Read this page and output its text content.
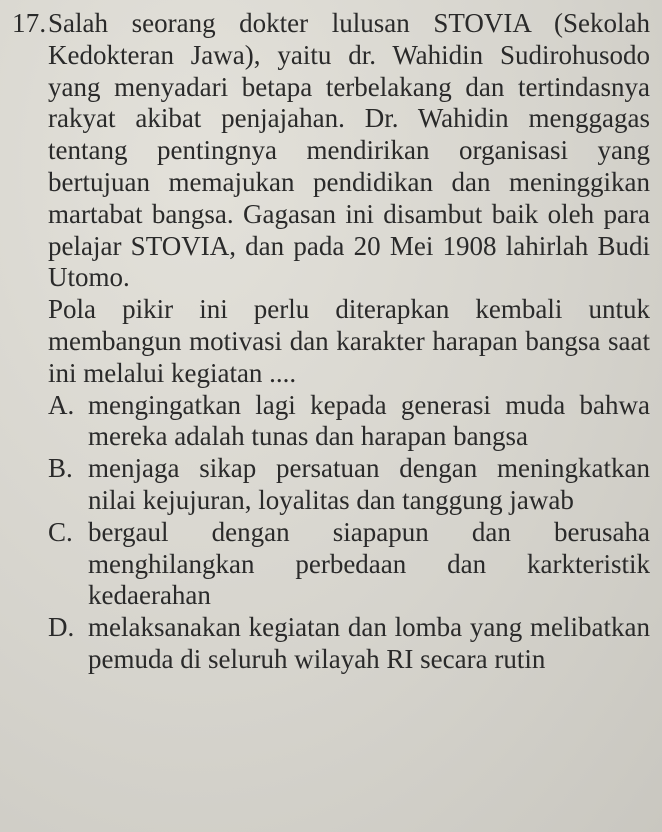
17. Salah seorang dokter lulusan STOVIA (Sekolah Kedokteran Jawa), yaitu dr. Wahidin Sudirohusodo yang menyadari betapa terbelakang dan tertindasnya rakyat akibat penjajahan. Dr. Wahidin menggagas tentang pentingnya mendirikan organisasi yang bertujuan memajukan pendidikan dan meninggikan martabat bangsa. Gagasan ini disambut baik oleh para pelajar STOVIA, dan pada 20 Mei 1908 lahirlah Budi Utomo.

Pola pikir ini perlu diterapkan kembali untuk membangun motivasi dan karakter harapan bangsa saat ini melalui kegiatan ....

A. mengingatkan lagi kepada generasi muda bahwa mereka adalah tunas dan harapan bangsa
B. menjaga sikap persatuan dengan meningkatkan nilai kejujuran, loyalitas dan tanggung jawab
C. bergaul dengan siapapun dan berusaha menghilangkan perbedaan dan karkteristik kedaerahan
D. melaksanakan kegiatan dan lomba yang melibatkan pemuda di seluruh wilayah RI secara rutin
